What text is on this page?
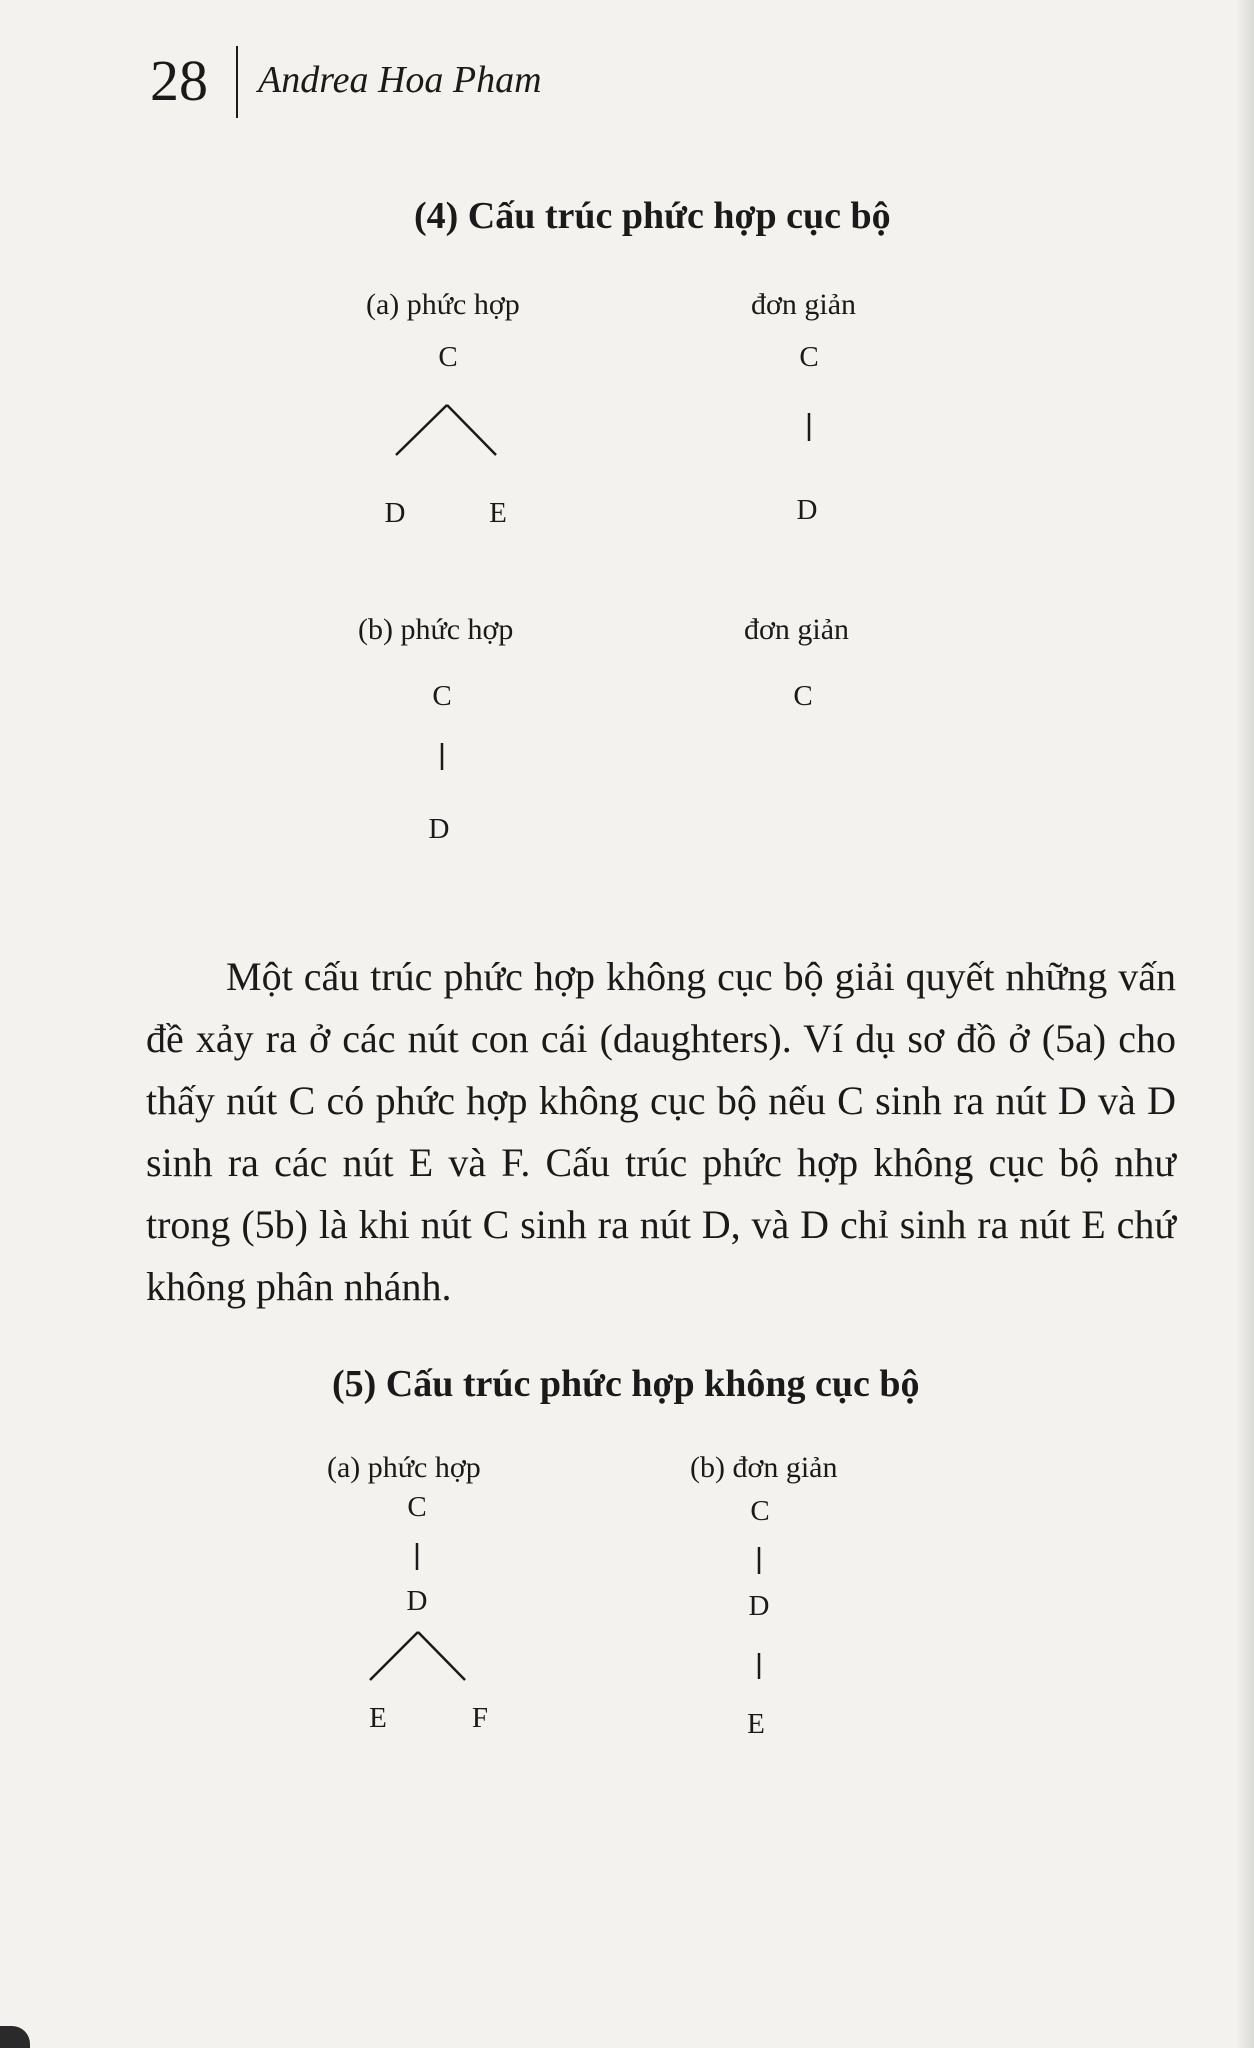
28 Andrea Hoa Pham
(4) Cấu trúc phức hợp cục bộ
(a) phức hợp	đơn giản
C
D	E
C
D
(b) phức hợp	đơn giản
C
D
C
Một cấu trúc phức hợp không cục bộ giải quyết những vấn đề xảy ra ở các nút con cái (daughters). Ví dụ sơ đồ ở (5a) cho thấy nút C có phức hợp không cục bộ nếu C sinh ra nút D và D sinh ra các nút E và F. Cấu trúc phức hợp không cục bộ như trong (5b) là khi nút C sinh ra nút D, và D chỉ sinh ra nút E chứ không phân nhánh.
(5) Cấu trúc phức hợp không cục bộ
(a) phức hợp	(b) đơn giản
C
D
E	F
C
D
E
